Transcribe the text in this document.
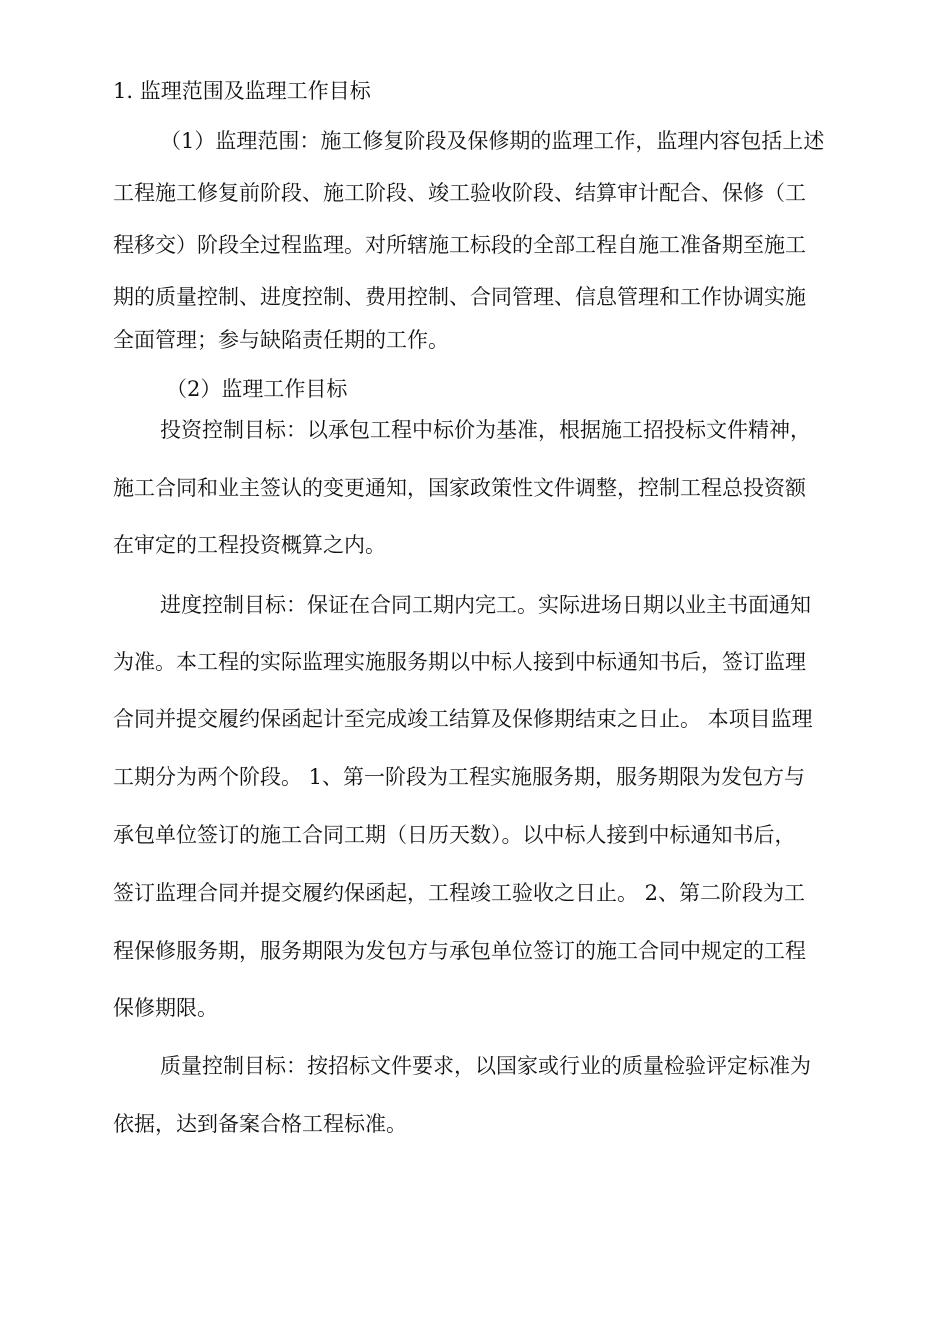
1. 监理范围及监理工作目标
（1）监理范围：施工修复阶段及保修期的监理工作，监理内容包括上述
工程施工修复前阶段、施工阶段、竣工验收阶段、结算审计配合、保修（工
程移交）阶段全过程监理。对所辖施工标段的全部工程自施工准备期至施工
期的质量控制、进度控制、费用控制、合同管理、信息管理和工作协调实施
全面管理；参与缺陷责任期的工作。
（2）监理工作目标
投资控制目标：以承包工程中标价为基准，根据施工招投标文件精神，
施工合同和业主签认的变更通知，国家政策性文件调整，控制工程总投资额
在审定的工程投资概算之内。
进度控制目标：保证在合同工期内完工。实际进场日期以业主书面通知
为准。本工程的实际监理实施服务期以中标人接到中标通知书后，签订监理
合同并提交履约保函起计至完成竣工结算及保修期结束之日止。 本项目监理
工期分为两个阶段。 1、第一阶段为工程实施服务期，服务期限为发包方与
承包单位签订的施工合同工期（日历天数）。以中标人接到中标通知书后，
签订监理合同并提交履约保函起，工程竣工验收之日止。 2、第二阶段为工
程保修服务期，服务期限为发包方与承包单位签订的施工合同中规定的工程
保修期限。
质量控制目标：按招标文件要求，以国家或行业的质量检验评定标准为
依据，达到备案合格工程标准。
